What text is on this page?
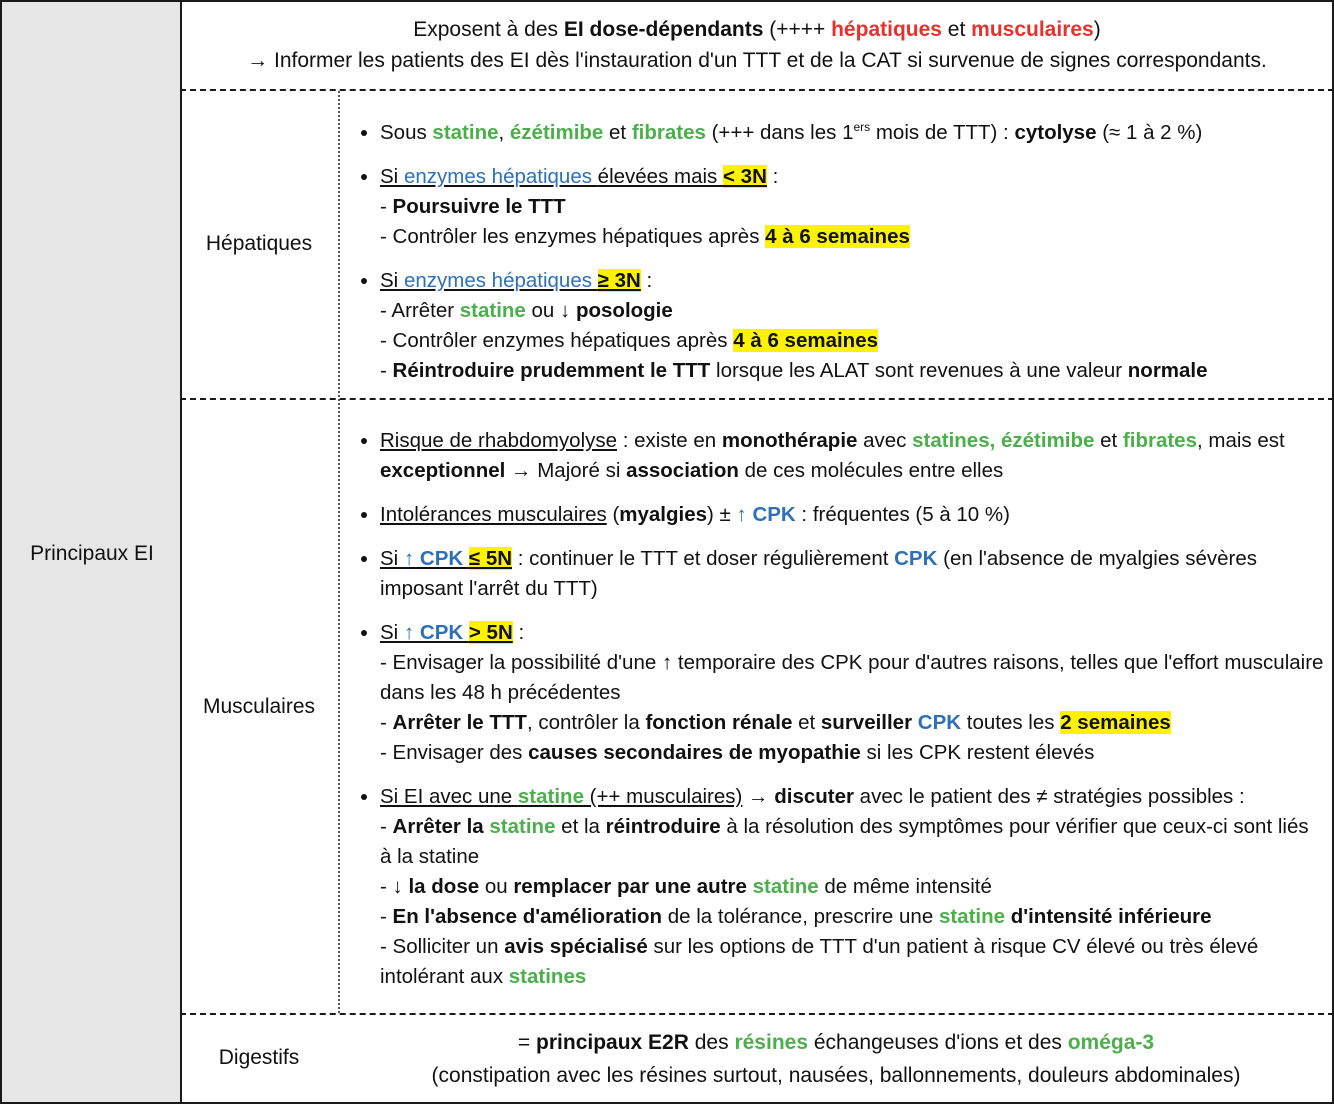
Principaux EI
Exposent à des EI dose-dépendants (++++ hépatiques et musculaires)
→ Informer les patients des EI dès l'instauration d'un TTT et de la CAT si survenue de signes correspondants.
Hépatiques
• Sous statine, ézétimibe et fibrates (+++ dans les 1ers mois de TTT) : cytolyse (≈ 1 à 2 %)
• Si enzymes hépatiques élevées mais < 3N :
- Poursuivre le TTT
- Contrôler les enzymes hépatiques après 4 à 6 semaines
• Si enzymes hépatiques ≥ 3N :
- Arrêter statine ou ↓ posologie
- Contrôler enzymes hépatiques après 4 à 6 semaines
- Réintroduire prudemment le TTT lorsque les ALAT sont revenues à une valeur normale
Musculaires
• Risque de rhabdomyolyse : existe en monothérapie avec statines, ézétimibe et fibrates, mais est exceptionnel → Majoré si association de ces molécules entre elles
• Intolérances musculaires (myalgies) ± ↑ CPK : fréquentes (5 à 10 %)
• Si ↑ CPK ≤ 5N : continuer le TTT et doser régulièrement CPK (en l'absence de myalgies sévères imposant l'arrêt du TTT)
• Si ↑ CPK > 5N :
- Envisager la possibilité d'une ↑ temporaire des CPK pour d'autres raisons, telles que l'effort musculaire dans les 48 h précédentes
- Arrêter le TTT, contrôler la fonction rénale et surveiller CPK toutes les 2 semaines
- Envisager des causes secondaires de myopathie si les CPK restent élevés
• Si EI avec une statine (++ musculaires) → discuter avec le patient des ≠ stratégies possibles :
- Arrêter la statine et la réintroduire à la résolution des symptômes pour vérifier que ceux-ci sont liés à la statine
- ↓ la dose ou remplacer par une autre statine de même intensité
- En l'absence d'amélioration de la tolérance, prescrire une statine d'intensité inférieure
- Solliciter un avis spécialisé sur les options de TTT d'un patient à risque CV élevé ou très élevé intolérant aux statines
Digestifs
= principaux E2R des résines échangeuses d'ions et des oméga-3
(constipation avec les résines surtout, nausées, ballonnements, douleurs abdominales)
